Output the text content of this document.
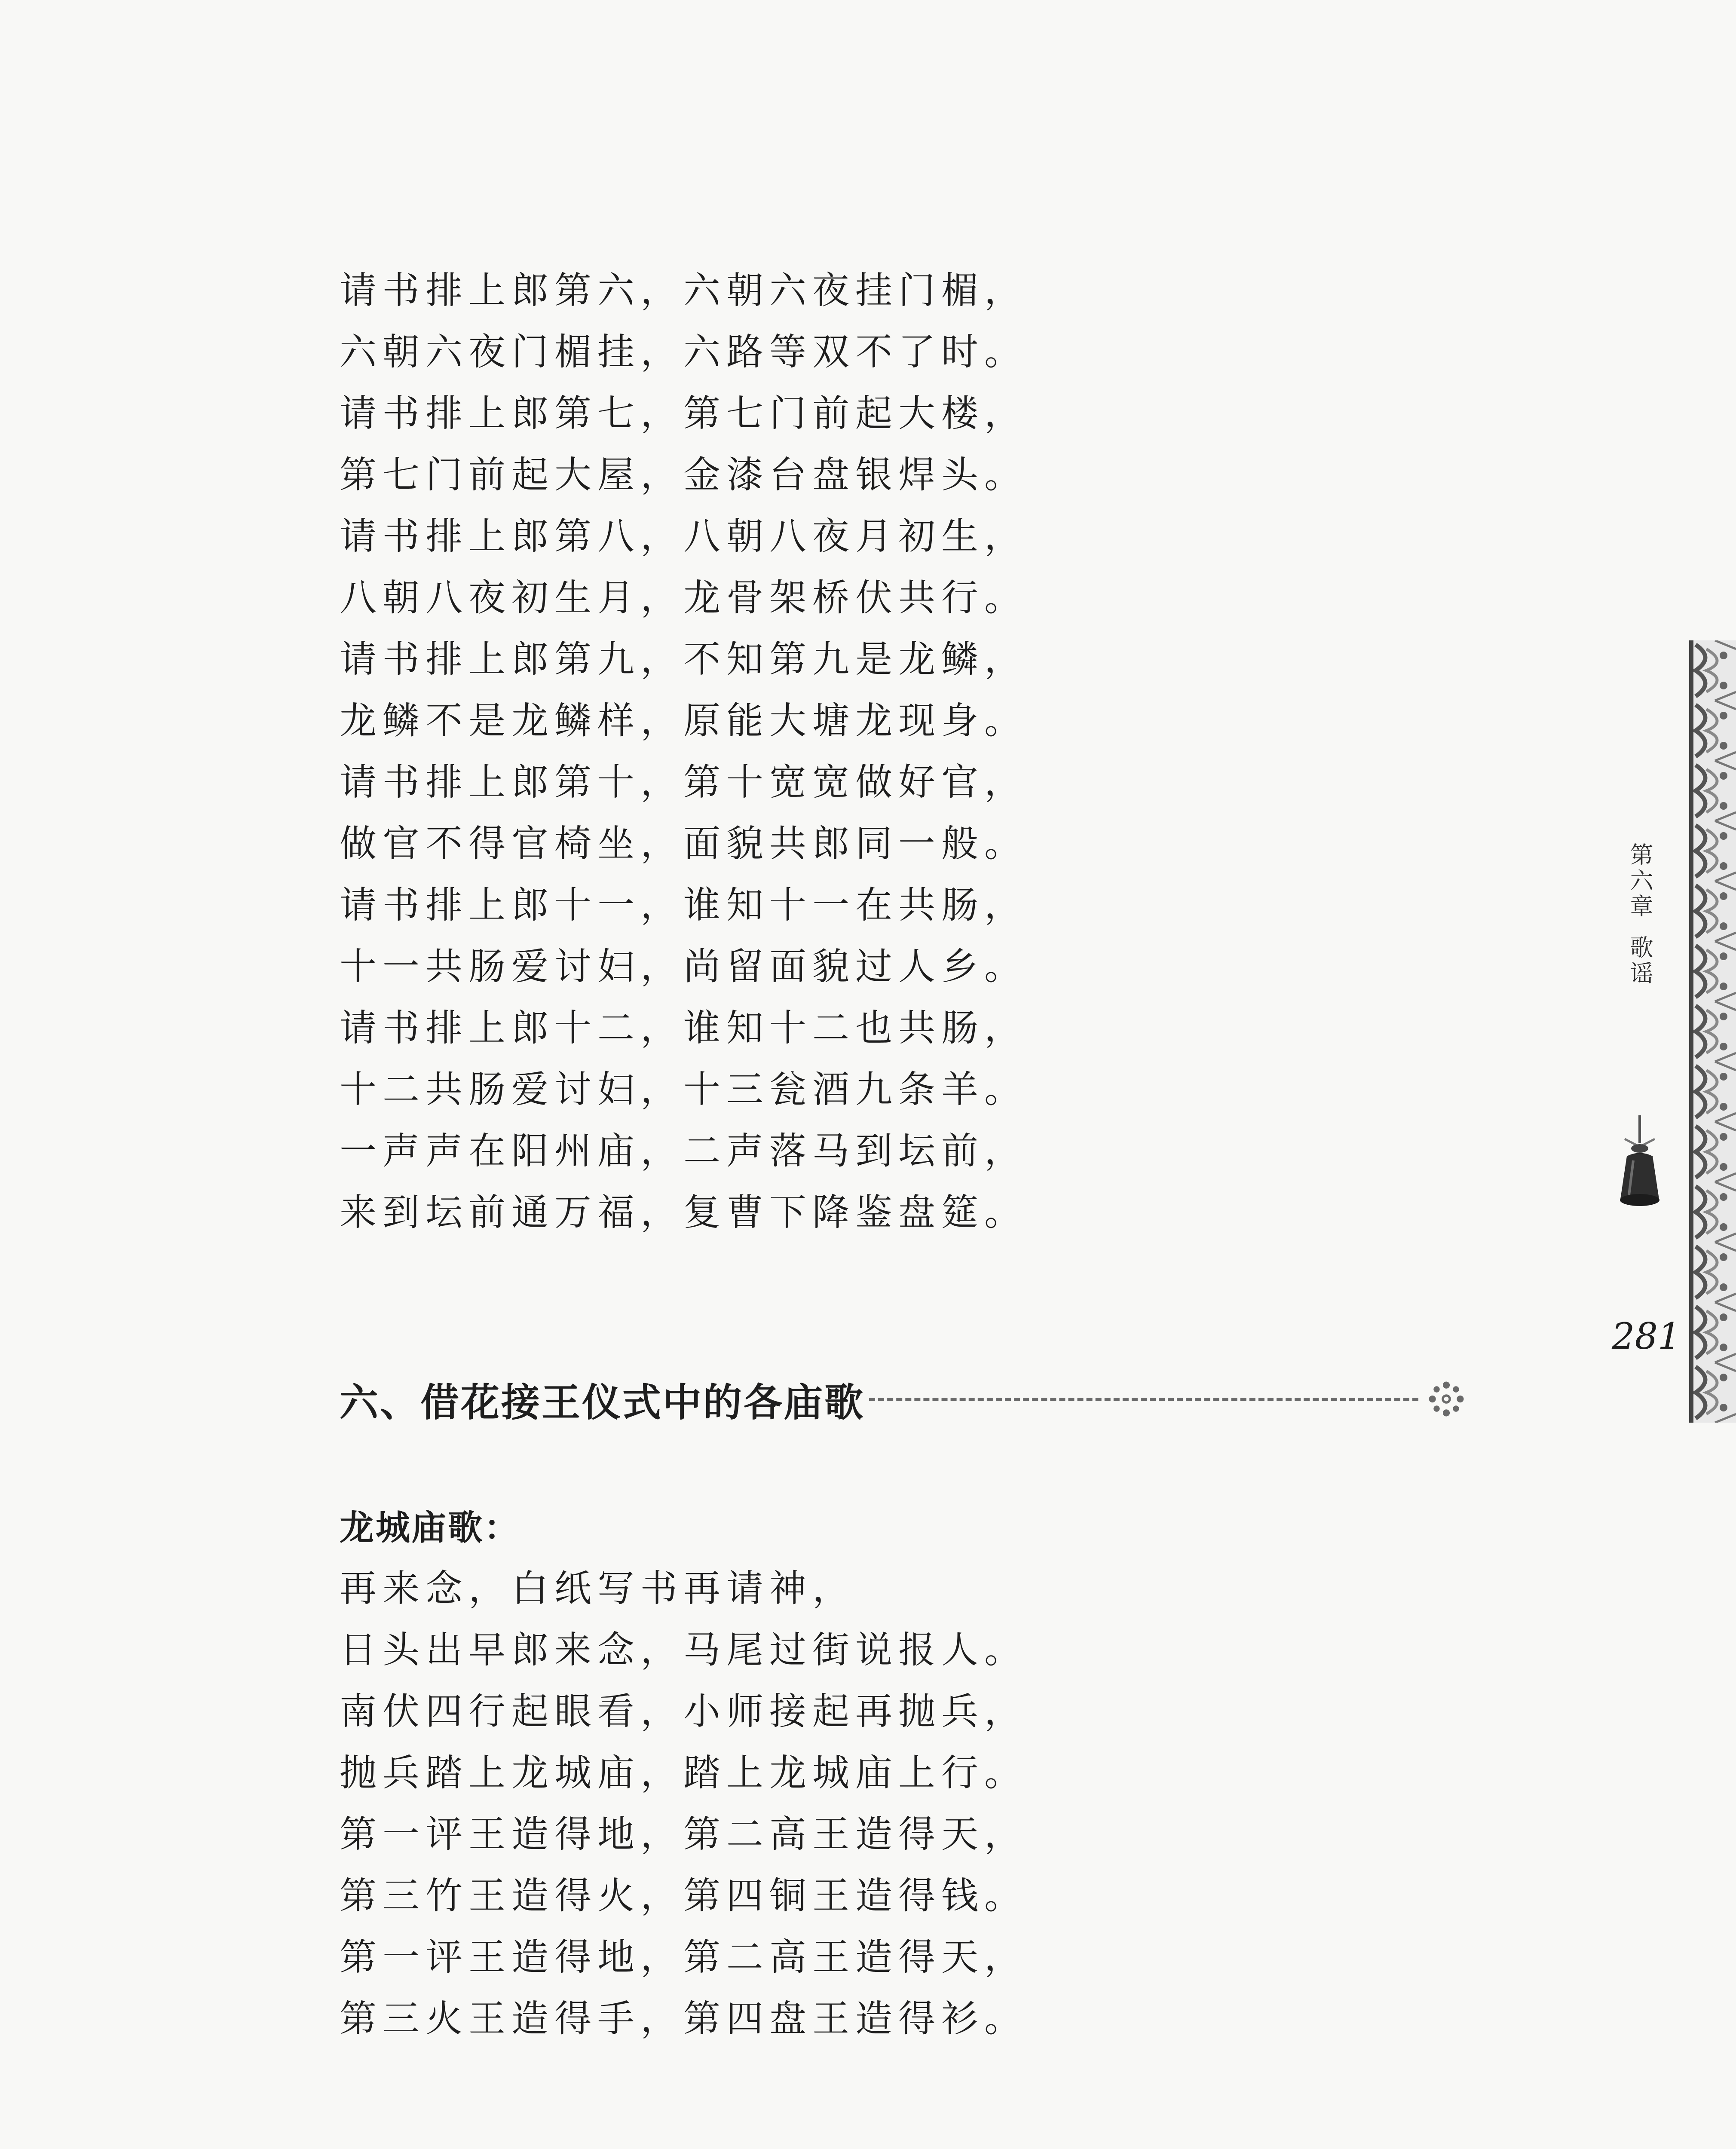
请书排上郎第六，六朝六夜挂门楣，
六朝六夜门楣挂，六路等双不了时。
请书排上郎第七，第七门前起大楼，
第七门前起大屋，金漆台盘银焊头。
请书排上郎第八，八朝八夜月初生，
八朝八夜初生月，龙骨架桥伏共行。
请书排上郎第九，不知第九是龙鳞，
龙鳞不是龙鳞样，原能大塘龙现身。
请书排上郎第十，第十宽宽做好官，
做官不得官椅坐，面貌共郎同一般。
请书排上郎十一，谁知十一在共肠，
十一共肠爱讨妇，尚留面貌过人乡。
请书排上郎十二，谁知十二也共肠，
十二共肠爱讨妇，十三瓮酒九条羊。
一声声在阳州庙，二声落马到坛前，
来到坛前通万福，复曹下降鉴盘筵。
六、借花接王仪式中的各庙歌
龙城庙歌：
再来念，白纸写书再请神，
日头出早郎来念，马尾过街说报人。
南伏四行起眼看，小师接起再抛兵，
抛兵踏上龙城庙，踏上龙城庙上行。
第一评王造得地，第二高王造得天，
第三竹王造得火，第四铜王造得钱。
第一评王造得地，第二高王造得天，
第三火王造得手，第四盘王造得衫。
第六章
歌谣
281
